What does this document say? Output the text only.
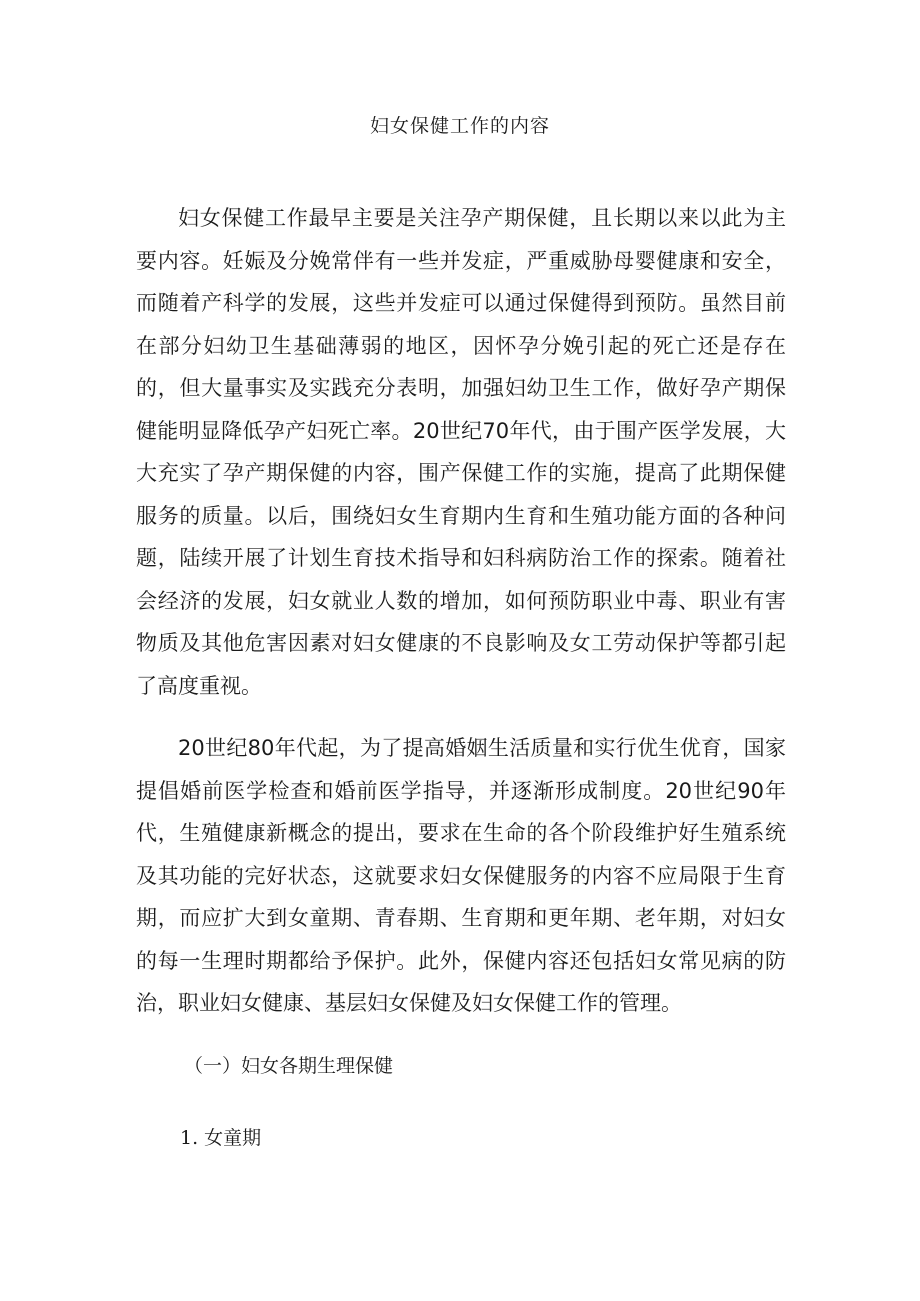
妇女保健工作的内容

妇女保健工作最早主要是关注孕产期保健，且长期以来以此为主要内容。妊娠及分娩常伴有一些并发症，严重威胁母婴健康和安全，而随着产科学的发展，这些并发症可以通过保健得到预防。虽然目前在部分妇幼卫生基础薄弱的地区，因怀孕分娩引起的死亡还是存在的，但大量事实及实践充分表明，加强妇幼卫生工作，做好孕产期保健能明显降低孕产妇死亡率。20世纪70年代，由于围产医学发展，大大充实了孕产期保健的内容，围产保健工作的实施，提高了此期保健服务的质量。以后，围绕妇女生育期内生育和生殖功能方面的各种问题，陆续开展了计划生育技术指导和妇科病防治工作的探索。随着社会经济的发展，妇女就业人数的增加，如何预防职业中毒、职业有害物质及其他危害因素对妇女健康的不良影响及女工劳动保护等都引起了高度重视。

20世纪80年代起，为了提高婚姻生活质量和实行优生优育，国家提倡婚前医学检查和婚前医学指导，并逐渐形成制度。20世纪90年代，生殖健康新概念的提出，要求在生命的各个阶段维护好生殖系统及其功能的完好状态，这就要求妇女保健服务的内容不应局限于生育期，而应扩大到女童期、青春期、生育期和更年期、老年期，对妇女的每一生理时期都给予保护。此外，保健内容还包括妇女常见病的防治，职业妇女健康、基层妇女保健及妇女保健工作的管理。

（一）妇女各期生理保健
1. 女童期
